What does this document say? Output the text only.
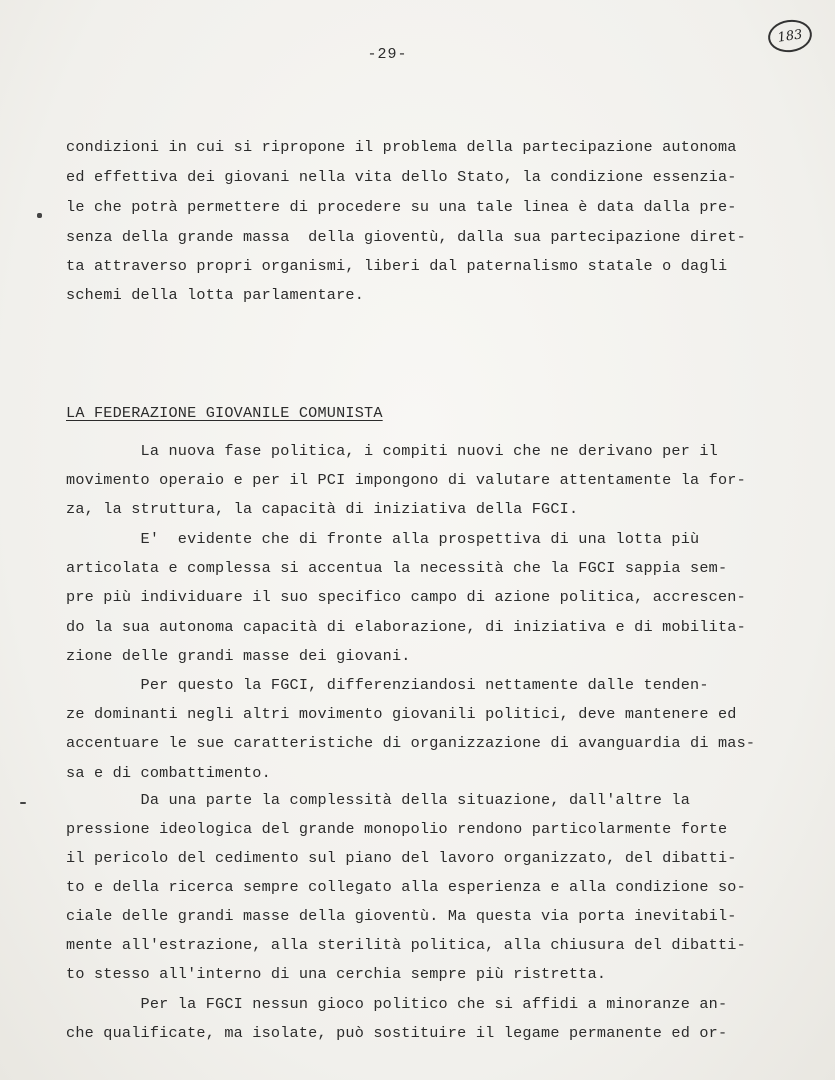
183
-29-
condizioni in cui si ripropone il problema della partecipazione autonoma
ed effettiva dei giovani nella vita dello Stato, la condizione essenzia-
le che potrà permettere di procedere su una tale linea è data dalla pre-
senza della grande massa  della gioventù, dalla sua partecipazione diret-
ta attraverso propri organismi, liberi dal paternalismo statale o dagli
schemi della lotta parlamentare.
LA FEDERAZIONE GIOVANILE COMUNISTA
La nuova fase politica, i compiti nuovi che ne derivano per il
movimento operaio e per il PCI impongono di valutare attentamente la for-
za, la struttura, la capacità di iniziativa della FGCI.
E'  evidente che di fronte alla prospettiva di una lotta più
articolata e complessa si accentua la necessità che la FGCI sappia sem-
pre più individuare il suo specifico campo di azione politica, accrescen-
do la sua autonoma capacità di elaborazione, di iniziativa e di mobilita-
zione delle grandi masse dei giovani.
Per questo la FGCI, differenziandosi nettamente dalle tenden-
ze dominanti negli altri movimento giovanili politici, deve mantenere ed
accentuare le sue caratteristiche di organizzazione di avanguardia di mas-
sa e di combattimento.
Da una parte la complessità della situazione, dall'altre la
pressione ideologica del grande monopolio rendono particolarmente forte
il pericolo del cedimento sul piano del lavoro organizzato, del dibatti-
to e della ricerca sempre collegato alla esperienza e alla condizione so-
ciale delle grandi masse della gioventù. Ma questa via porta inevitabil-
mente all'estrazione, alla sterilità politica, alla chiusura del dibatti-
to stesso all'interno di una cerchia sempre più ristretta.
Per la FGCI nessun gioco politico che si affidi a minoranze an-
che qualificate, ma isolate, può sostituire il legame permanente ed or-
